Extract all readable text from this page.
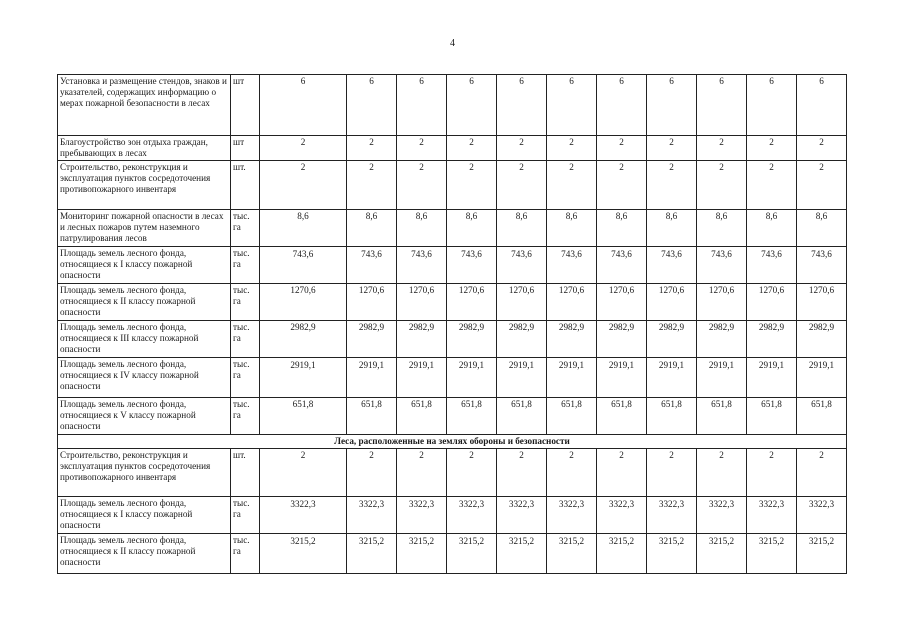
4
Установка и размещение стендов, знаков и указателей, содержащих информацию о мерах пожарной безопасности в лесах	шт	6	6	6	6	6	6	6	6	6	6	6
Благоустройство зон отдыха граждан, пребывающих в лесах	шт	2	2	2	2	2	2	2	2	2	2	2
Строительство, реконструкция и эксплуатация пунктов сосредоточения противопожарного инвентаря	шт.	2	2	2	2	2	2	2	2	2	2	2
Мониторинг пожарной опасности в лесах и лесных пожаров путем наземного патрулирования лесов	тыс. га	8,6	8,6	8,6	8,6	8,6	8,6	8,6	8,6	8,6	8,6	8,6
Площадь земель лесного фонда, относящиеся к I классу пожарной опасности	тыс. га	743,6	743,6	743,6	743,6	743,6	743,6	743,6	743,6	743,6	743,6	743,6
Площадь земель лесного фонда, относящиеся к II классу пожарной опасности	тыс. га	1270,6	1270,6	1270,6	1270,6	1270,6	1270,6	1270,6	1270,6	1270,6	1270,6	1270,6
Площадь земель лесного фонда, относящиеся к III классу пожарной опасности	тыс. га	2982,9	2982,9	2982,9	2982,9	2982,9	2982,9	2982,9	2982,9	2982,9	2982,9	2982,9
Площадь земель лесного фонда, относящиеся к IV классу пожарной опасности	тыс. га	2919,1	2919,1	2919,1	2919,1	2919,1	2919,1	2919,1	2919,1	2919,1	2919,1	2919,1
Площадь земель лесного фонда, относящиеся к V классу пожарной опасности	тыс. га	651,8	651,8	651,8	651,8	651,8	651,8	651,8	651,8	651,8	651,8	651,8
Леса, расположенные на землях обороны и безопасности												
Строительство, реконструкция и эксплуатация пунктов сосредоточения противопожарного инвентаря	шт.	2	2	2	2	2	2	2	2	2	2	2
Площадь земель лесного фонда, относящиеся к I классу пожарной опасности	тыс. га	3322,3	3322,3	3322,3	3322,3	3322,3	3322,3	3322,3	3322,3	3322,3	3322,3	3322,3
Площадь земель лесного фонда, относящиеся к II классу пожарной опасности	тыс. га	3215,2	3215,2	3215,2	3215,2	3215,2	3215,2	3215,2	3215,2	3215,2	3215,2	3215,2
